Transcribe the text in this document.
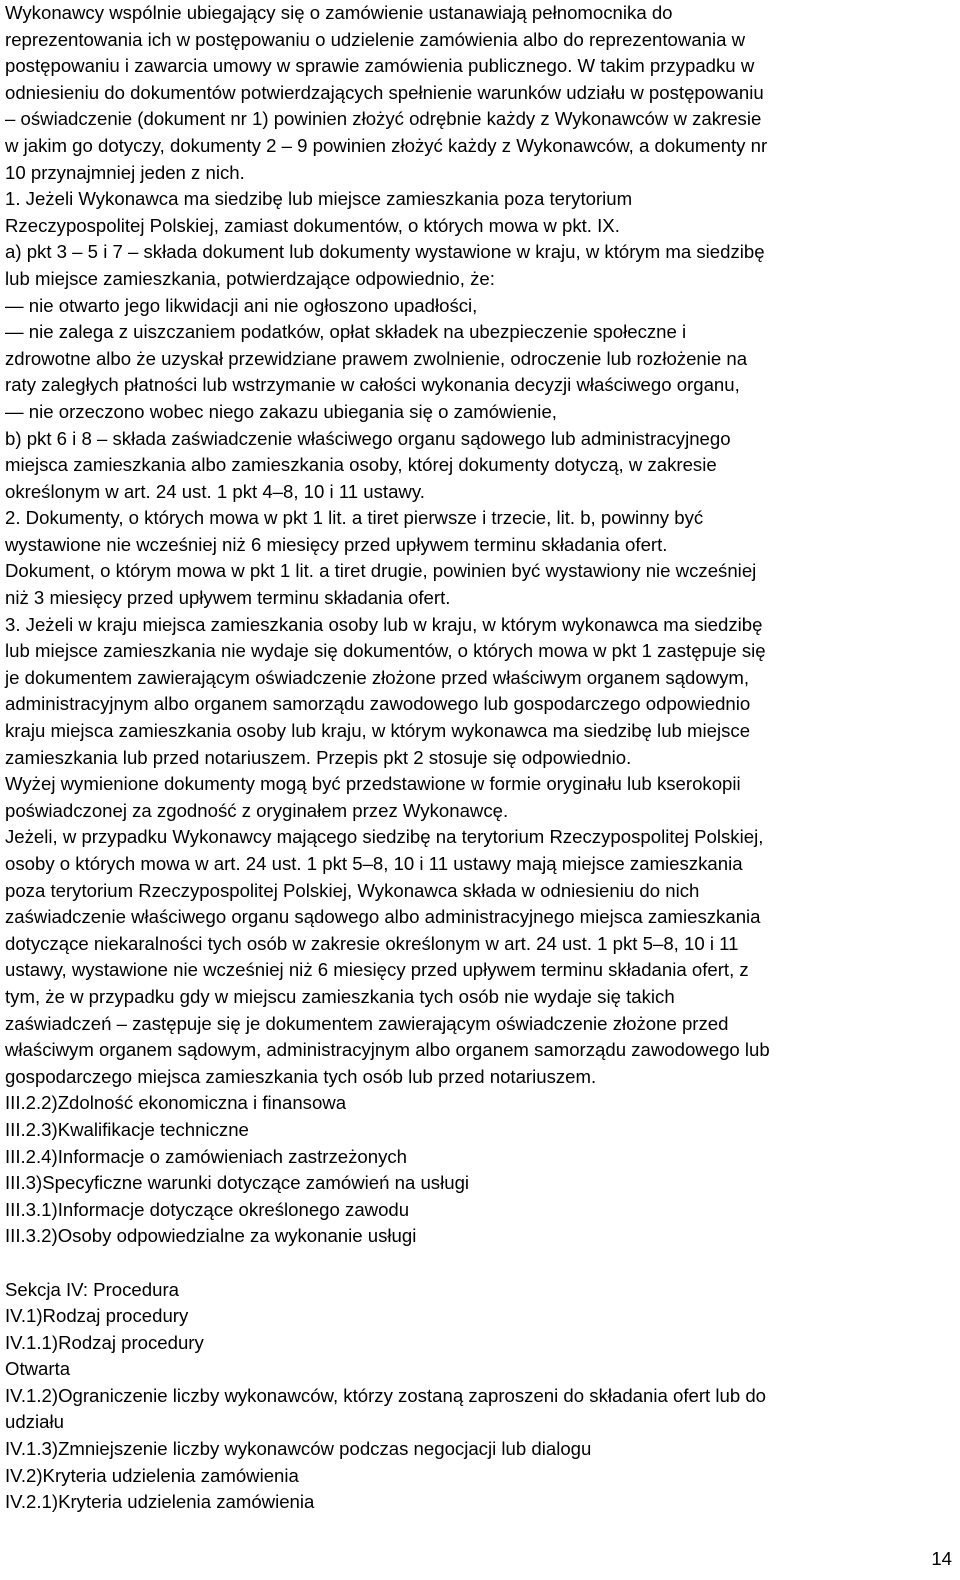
Wykonawcy wspólnie ubiegający się o zamówienie ustanawiają pełnomocnika do
reprezentowania ich w postępowaniu o udzielenie zamówienia albo do reprezentowania w
postępowaniu i zawarcia umowy w sprawie zamówienia publicznego. W takim przypadku w
odniesieniu do dokumentów potwierdzających spełnienie warunków udziału w postępowaniu
– oświadczenie (dokument nr 1) powinien złożyć odrębnie każdy z Wykonawców w zakresie
w jakim go dotyczy, dokumenty 2 – 9 powinien złożyć każdy z Wykonawców, a dokumenty nr
10 przynajmniej jeden z nich.
1. Jeżeli Wykonawca ma siedzibę lub miejsce zamieszkania poza terytorium
Rzeczypospolitej Polskiej, zamiast dokumentów, o których mowa w pkt. IX.
a) pkt 3 – 5 i 7 – składa dokument lub dokumenty wystawione w kraju, w którym ma siedzibę
lub miejsce zamieszkania, potwierdzające odpowiednio, że:
— nie otwarto jego likwidacji ani nie ogłoszono upadłości,
— nie zalega z uiszczaniem podatków, opłat składek na ubezpieczenie społeczne i
zdrowotne albo że uzyskał przewidziane prawem zwolnienie, odroczenie lub rozłożenie na
raty zaległych płatności lub wstrzymanie w całości wykonania decyzji właściwego organu,
— nie orzeczono wobec niego zakazu ubiegania się o zamówienie,
b) pkt 6 i 8 – składa zaświadczenie właściwego organu sądowego lub administracyjnego
miejsca zamieszkania albo zamieszkania osoby, której dokumenty dotyczą, w zakresie
określonym w art. 24 ust. 1 pkt 4–8, 10 i 11 ustawy.
2. Dokumenty, o których mowa w pkt 1 lit. a tiret pierwsze i trzecie, lit. b, powinny być
wystawione nie wcześniej niż 6 miesięcy przed upływem terminu składania ofert.
Dokument, o którym mowa w pkt 1 lit. a tiret drugie, powinien być wystawiony nie wcześniej
niż 3 miesięcy przed upływem terminu składania ofert.
3. Jeżeli w kraju miejsca zamieszkania osoby lub w kraju, w którym wykonawca ma siedzibę
lub miejsce zamieszkania nie wydaje się dokumentów, o których mowa w pkt 1 zastępuje się
je dokumentem zawierającym oświadczenie złożone przed właściwym organem sądowym,
administracyjnym albo organem samorządu zawodowego lub gospodarczego odpowiednio
kraju miejsca zamieszkania osoby lub kraju, w którym wykonawca ma siedzibę lub miejsce
zamieszkania lub przed notariuszem. Przepis pkt 2 stosuje się odpowiednio.
Wyżej wymienione dokumenty mogą być przedstawione w formie oryginału lub kserokopii
poświadczonej za zgodność z oryginałem przez Wykonawcę.
Jeżeli, w przypadku Wykonawcy mającego siedzibę na terytorium Rzeczypospolitej Polskiej,
osoby o których mowa w art. 24 ust. 1 pkt 5–8, 10 i 11 ustawy mają miejsce zamieszkania
poza terytorium Rzeczypospolitej Polskiej, Wykonawca składa w odniesieniu do nich
zaświadczenie właściwego organu sądowego albo administracyjnego miejsca zamieszkania
dotyczące niekaralności tych osób w zakresie określonym w art. 24 ust. 1 pkt 5–8, 10 i 11
ustawy, wystawione nie wcześniej niż 6 miesięcy przed upływem terminu składania ofert, z
tym, że w przypadku gdy w miejscu zamieszkania tych osób nie wydaje się takich
zaświadczeń – zastępuje się je dokumentem zawierającym oświadczenie złożone przed
właściwym organem sądowym, administracyjnym albo organem samorządu zawodowego lub
gospodarczego miejsca zamieszkania tych osób lub przed notariuszem.
III.2.2)Zdolność ekonomiczna i finansowa
III.2.3)Kwalifikacje techniczne
III.2.4)Informacje o zamówieniach zastrzeżonych
III.3)Specyficzne warunki dotyczące zamówień na usługi
III.3.1)Informacje dotyczące określonego zawodu
III.3.2)Osoby odpowiedzialne za wykonanie usługi
Sekcja IV: Procedura
IV.1)Rodzaj procedury
IV.1.1)Rodzaj procedury
Otwarta
IV.1.2)Ograniczenie liczby wykonawców, którzy zostaną zaproszeni do składania ofert lub do
udziału
IV.1.3)Zmniejszenie liczby wykonawców podczas negocjacji lub dialogu
IV.2)Kryteria udzielenia zamówienia
IV.2.1)Kryteria udzielenia zamówienia
14
